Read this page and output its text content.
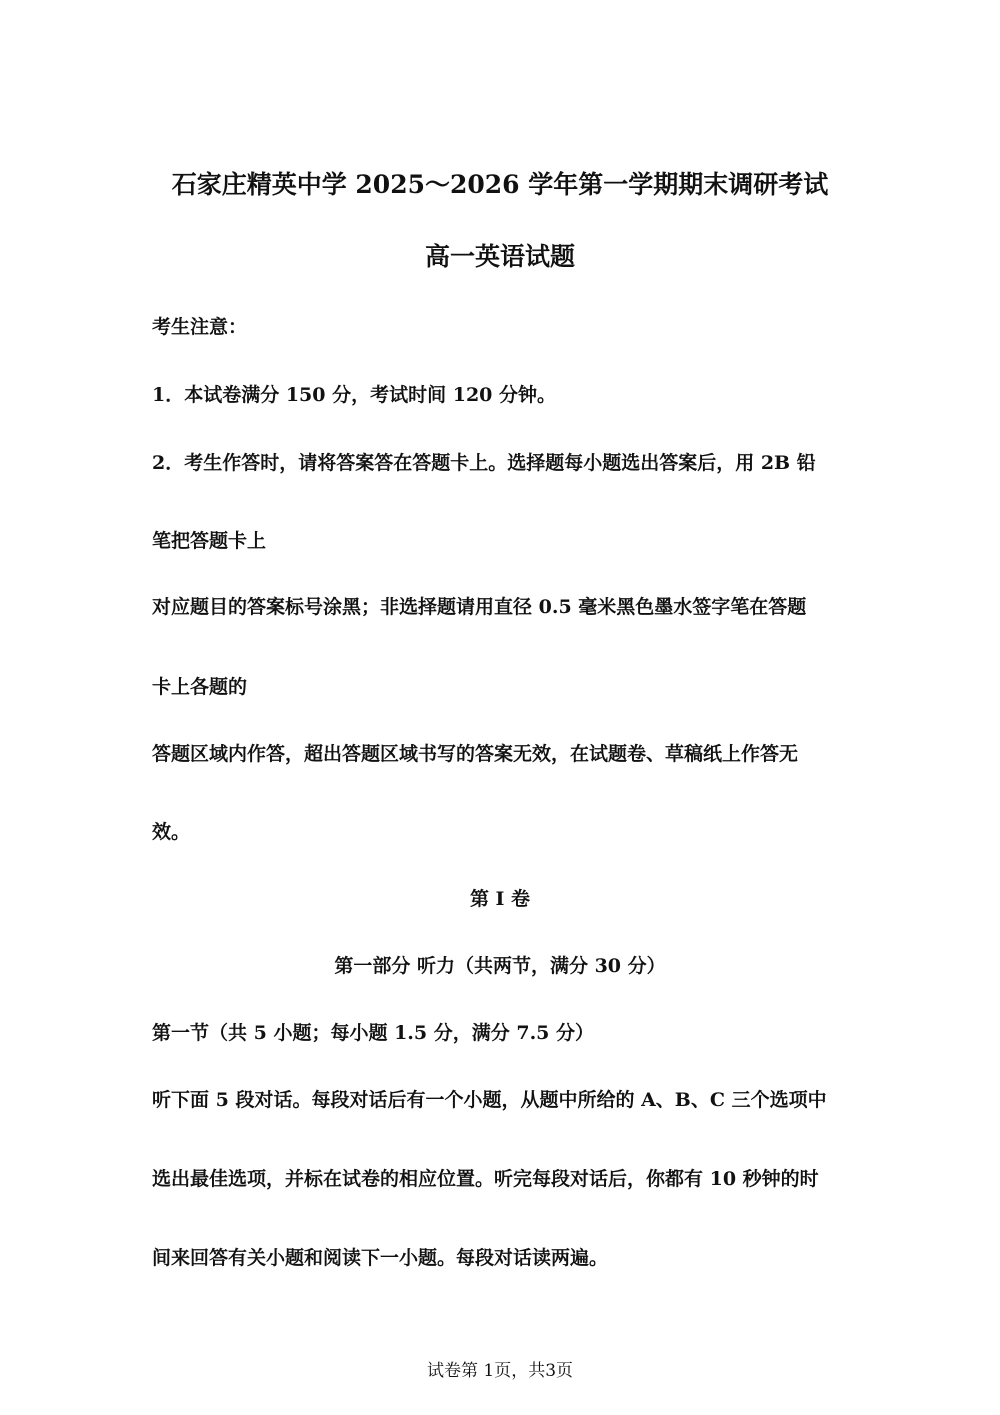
石家庄精英中学 2025～2026 学年第一学期期末调研考试
高一英语试题
考生注意：
1．本试卷满分 150 分，考试时间 120 分钟。
2．考生作答时，请将答案答在答题卡上。选择题每小题选出答案后，用 2B 铅
笔把答题卡上
对应题目的答案标号涂黑；非选择题请用直径 0.5 毫米黑色墨水签字笔在答题
卡上各题的
答题区域内作答，超出答题区域书写的答案无效，在试题卷、草稿纸上作答无
效。
第 I 卷
第一部分 听力（共两节，满分 30 分）
第一节（共 5 小题；每小题 1.5 分，满分 7.5 分）
听下面 5 段对话。每段对话后有一个小题，从题中所给的 A、B、C 三个选项中
选出最佳选项，并标在试卷的相应位置。听完每段对话后，你都有 10 秒钟的时
间来回答有关小题和阅读下一小题。每段对话读两遍。
试卷第 1页，共3页
